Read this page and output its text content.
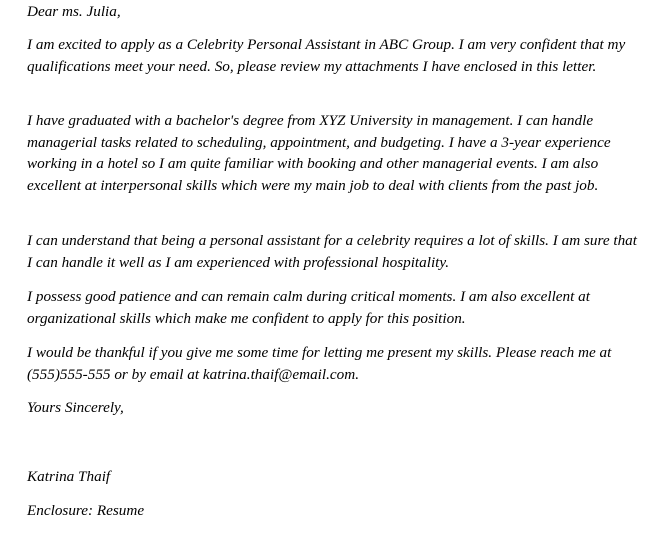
Dear ms. Julia,

I am excited to apply as a Celebrity Personal Assistant in ABC Group. I am very confident that my qualifications meet your need. So, please review my attachments I have enclosed in this letter.

I have graduated with a bachelor's degree from XYZ University in management. I can handle managerial tasks related to scheduling, appointment, and budgeting. I have a 3-year experience working in a hotel so I am quite familiar with booking and other managerial events. I am also excellent at interpersonal skills which were my main job to deal with clients from the past job.

I can understand that being a personal assistant for a celebrity requires a lot of skills. I am sure that I can handle it well as I am experienced with professional hospitality.

I possess good patience and can remain calm during critical moments. I am also excellent at organizational skills which make me confident to apply for this position.

I would be thankful if you give me some time for letting me present my skills. Please reach me at (555)555-555 or by email at katrina.thaif@email.com.

Yours Sincerely,

Katrina Thaif

Enclosure: Resume
